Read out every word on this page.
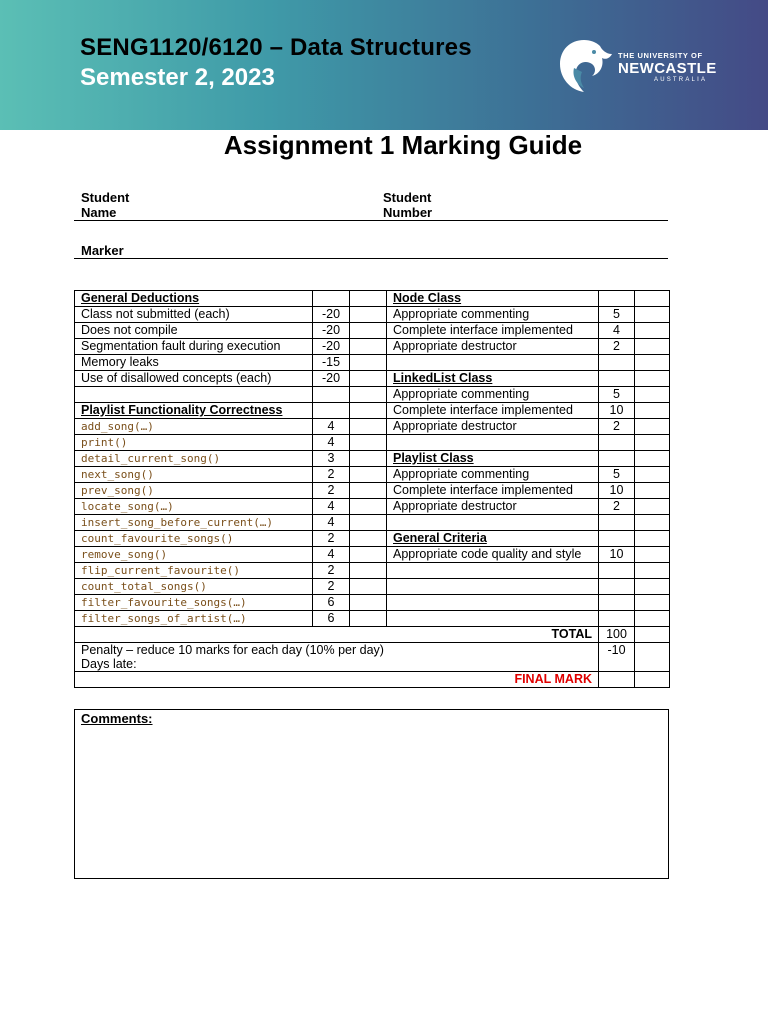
SENG1120/6120 – Data Structures
Semester 2, 2023
THE UNIVERSITY OF
NEWCASTLE
AUSTRALIA
Assignment 1 Marking Guide
Student
Name
Student
Number
Marker
General Deductions			Node Class		
Class not submitted (each)	-20		Appropriate commenting	5	
Does not compile	-20		Complete interface implemented	4	
Segmentation fault during execution	-20		Appropriate destructor	2	
Memory leaks	-15				
Use of disallowed concepts (each)	-20		LinkedList Class		
			Appropriate commenting	5	
Playlist Functionality Correctness			Complete interface implemented	10	
add_song(…)	4		Appropriate destructor	2	
print()	4				
detail_current_song()	3		Playlist Class		
next_song()	2		Appropriate commenting	5	
prev_song()	2		Complete interface implemented	10	
locate_song(…)	4		Appropriate destructor	2	
insert_song_before_current(…)	4				
count_favourite_songs()	2		General Criteria		
remove_song()	4		Appropriate code quality and style	10	
flip_current_favourite()	2				
count_total_songs()	2				
filter_favourite_songs(…)	6				
filter_songs_of_artist(…)	6				
TOTAL				100	

Penalty – reduce 10 marks for each day (10% per day)
Days late:				-10	
FINAL MARK					
Comments:
